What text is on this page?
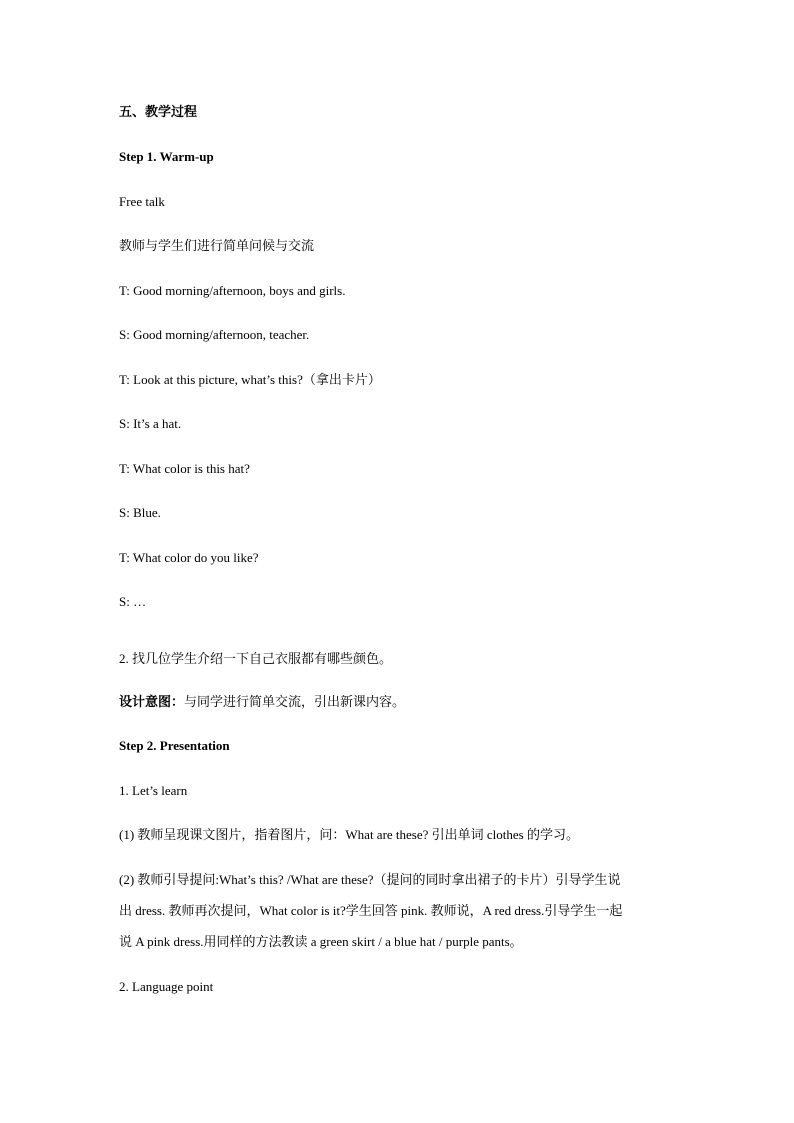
五、教学过程
Step 1. Warm-up
Free talk
教师与学生们进行简单问候与交流
T: Good morning/afternoon, boys and girls.
S: Good morning/afternoon, teacher.
T: Look at this picture, what’s this?（拿出卡片）
S: It’s a hat.
T: What color is this hat?
S: Blue.
T: What color do you like?
S: …
2. 找几位学生介绍一下自己衣服都有哪些颜色。
设计意图：与同学进行简单交流，引出新课内容。
Step 2. Presentation
1. Let’s learn
(1) 教师呈现课文图片，指着图片，问：What are these? 引出单词 clothes 的学习。
(2) 教师引导提问:What’s this? /What are these?（提问的同时拿出裙子的卡片）引导学生说
出 dress. 教师再次提问，What color is it?学生回答 pink. 教师说，A red dress.引导学生一起
说 A pink dress.用同样的方法教读 a green skirt / a blue hat / purple pants。
2. Language point
